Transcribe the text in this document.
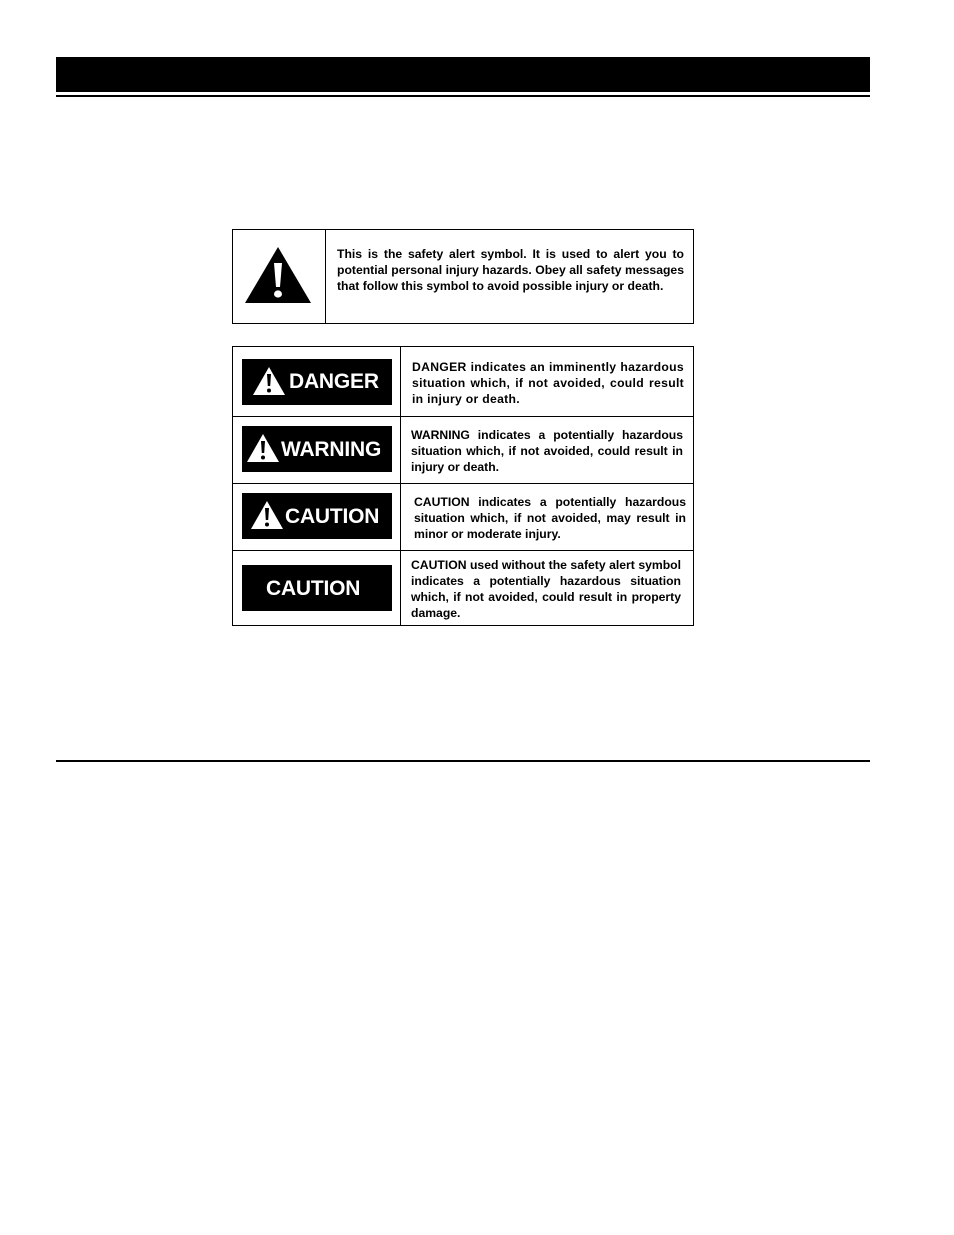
This is the safety alert symbol. It is used to alert you to potential personal injury hazards. Obey all safety messages that follow this symbol to avoid possible injury or death.
DANGER
DANGER indicates an imminently hazardous situation which, if not avoided, could result in injury or death.
WARNING
WARNING indicates a potentially hazardous situation which, if not avoided, could result in injury or death.
CAUTION
CAUTION indicates a potentially hazardous situation which, if not avoided, may result in minor or moderate injury.
CAUTION
CAUTION used without the safety alert symbol indicates a potentially hazardous situation which, if not avoided, could result in property damage.
